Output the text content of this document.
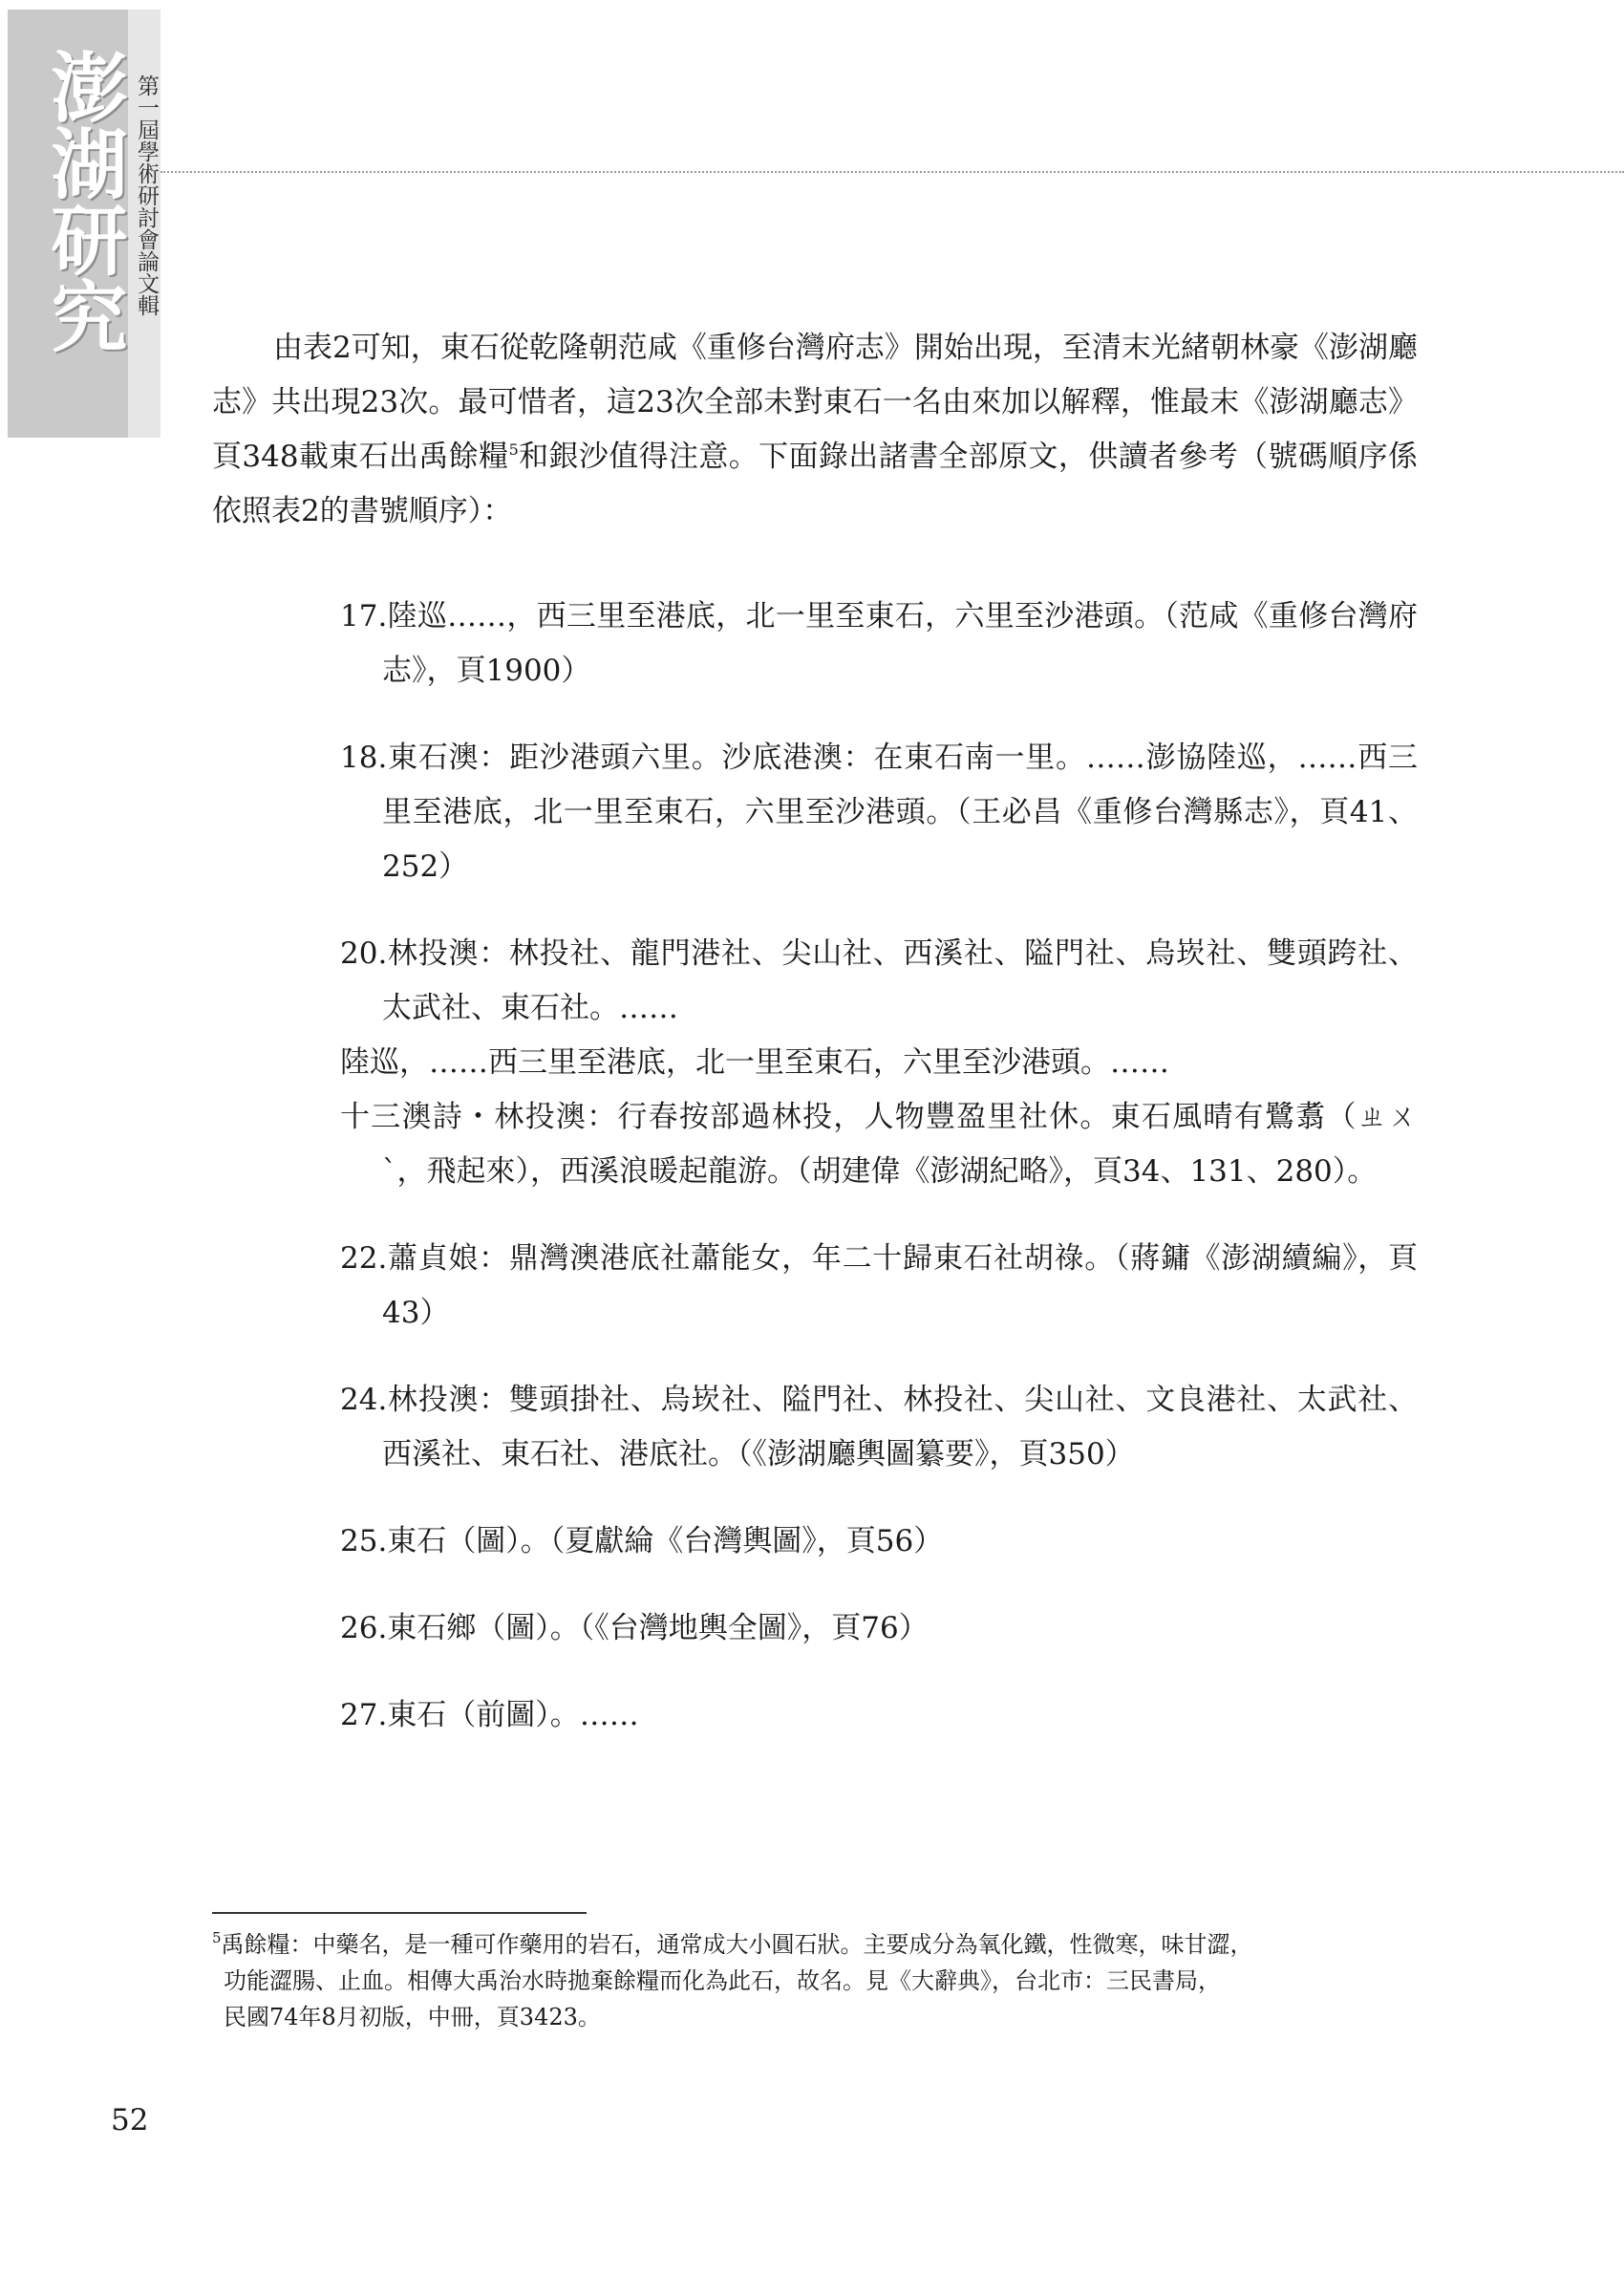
澎湖研究 第一屆學術研討會論文輯

由表2可知，東石從乾隆朝范咸《重修台灣府志》開始出現，至清末光緒朝林豪《澎湖廳志》共出現23次。最可惜者，這23次全部未對東石一名由來加以解釋，惟最末《澎湖廳志》頁348載東石出禹餘糧$^5$和銀沙值得注意。下面錄出諸書全部原文，供讀者參考（號碼順序係依照表2的書號順序）：

17.陸巡……，西三里至港底，北一里至東石，六里至沙港頭。（范咸《重修台灣府志》，頁1900）
18.東石澳：距沙港頭六里。沙底港澳：在東石南一里。……澎協陸巡，……西三里至港底，北一里至東石，六里至沙港頭。（王必昌《重修台灣縣志》，頁41、252）
20.林投澳：林投社、龍門港社、尖山社、西溪社、隘門社、烏崁社、雙頭跨社、太武社、東石社。……
陸巡，……西三里至港底，北一里至東石，六里至沙港頭。……
十三澳詩・林投澳：行春按部過林投，人物豐盈里社休。東石風晴有鷺翥（ㄓㄨˋ，飛起來），西溪浪暖起龍游。（胡建偉《澎湖紀略》，頁34、131、280）。
22.蕭貞娘：鼎灣澳港底社蕭能女，年二十歸東石社胡祿。（蔣鏞《澎湖續編》，頁43）
24.林投澳：雙頭掛社、烏崁社、隘門社、林投社、尖山社、文良港社、太武社、西溪社、東石社、港底社。（《澎湖廳輿圖纂要》，頁350）
25.東石（圖）。（夏獻綸《台灣輿圖》，頁56）
26.東石鄉（圖）。（《台灣地輿全圖》，頁76）
27.東石（前圖）。……
$^5$禹餘糧：中藥名，是一種可作藥用的岩石，通常成大小圓石狀。主要成分為氧化鐵，性微寒，味甘澀，
功能澀腸、止血。相傳大禹治水時拋棄餘糧而化為此石，故名。見《大辭典》，台北市：三民書局，
民國74年8月初版，中冊，頁3423。
52
